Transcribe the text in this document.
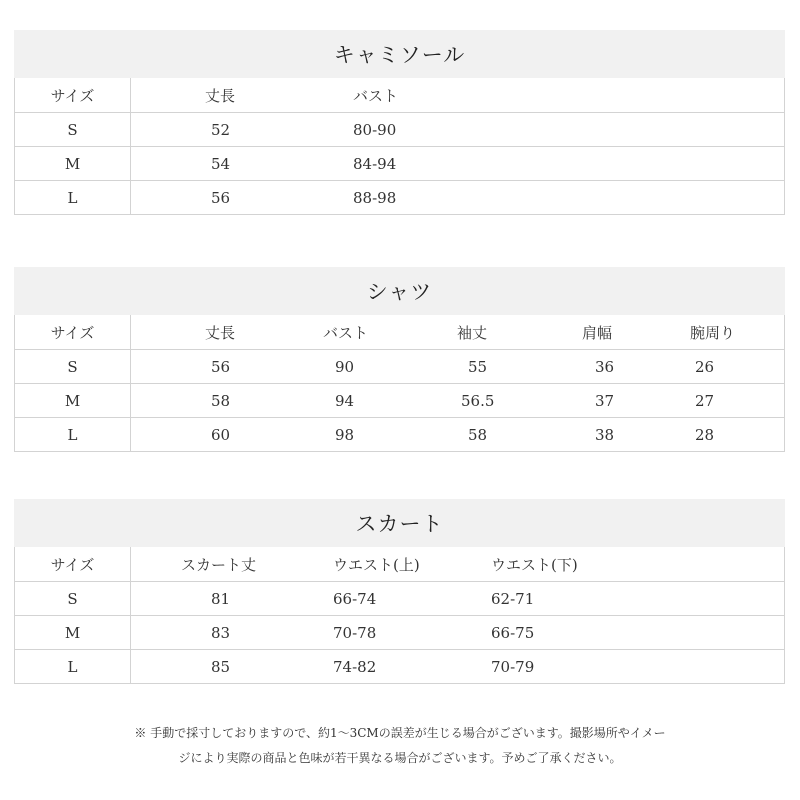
キャミソール
サイズ	丈長	バスト
S	52	80-90
M	54	84-94
L	56	88-98
シャツ
サイズ	丈長	バスト	袖丈	肩幅	腕周り
S	56	90	55	36	26
M	58	94	56.5	37	27
L	60	98	58	38	28
スカート
サイズ	スカート丈	ウエスト(上)	ウエスト(下)
S	81	66-74	62-71
M	83	70-78	66-75
L	85	74-82	70-79
※ 手動で採寸しておりますので、約1～3CMの誤差が生じる場合がございます。撮影場所やイメー
ジにより実際の商品と色味が若干異なる場合がございます。予めご了承ください。
